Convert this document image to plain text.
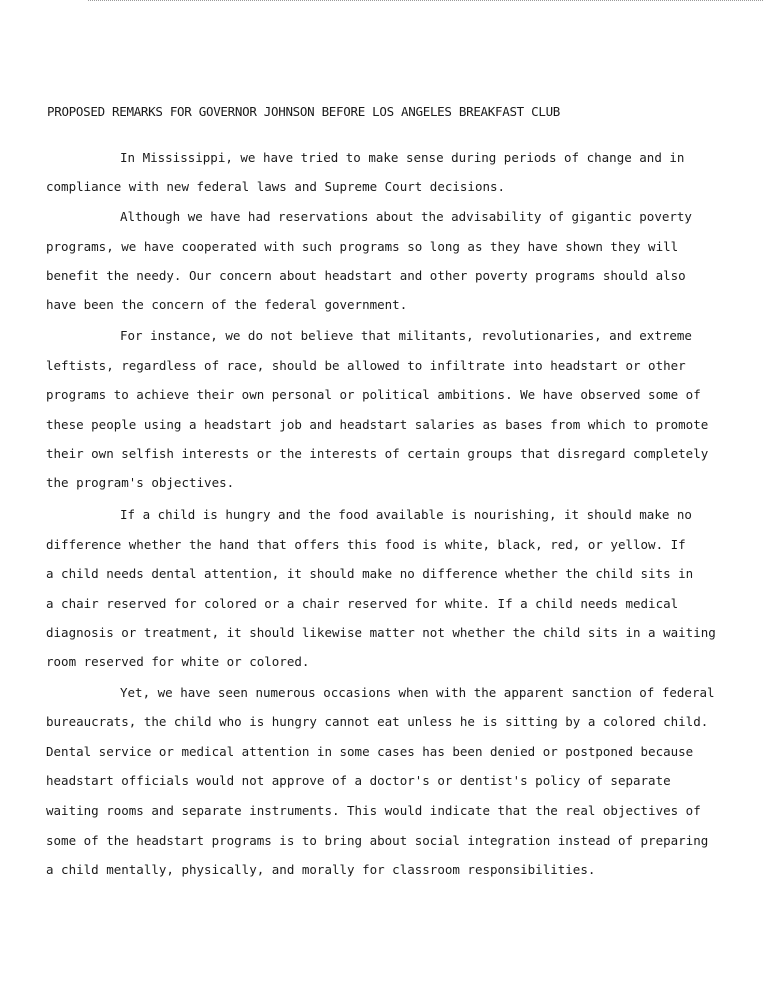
PROPOSED REMARKS FOR GOVERNOR JOHNSON BEFORE LOS ANGELES BREAKFAST CLUB
In Mississippi, we have tried to make sense during periods of change and in
compliance with new federal laws and Supreme Court decisions.
Although we have had reservations about the advisability of gigantic poverty
programs, we have cooperated with such programs so long as they have shown they will
benefit the needy. Our concern about headstart and other poverty programs should also
have been the concern of the federal government.
For instance, we do not believe that militants, revolutionaries, and extreme
leftists, regardless of race, should be allowed to infiltrate into headstart or other
programs to achieve their own personal or political ambitions. We have observed some of
these people using a headstart job and headstart salaries as bases from which to promote
their own selfish interests or the interests of certain groups that disregard completely
the program's objectives.
If a child is hungry and the food available is nourishing, it should make no
difference whether the hand that offers this food is white, black, red, or yellow. If
a child needs dental attention, it should make no difference whether the child sits in
a chair reserved for colored or a chair reserved for white. If a child needs medical
diagnosis or treatment, it should likewise matter not whether the child sits in a waiting
room reserved for white or colored.
Yet, we have seen numerous occasions when with the apparent sanction of federal
bureaucrats, the child who is hungry cannot eat unless he is sitting by a colored child.
Dental service or medical attention in some cases has been denied or postponed because
headstart officials would not approve of a doctor's or dentist's policy of separate
waiting rooms and separate instruments. This would indicate that the real objectives of
some of the headstart programs is to bring about social integration instead of preparing
a child mentally, physically, and morally for classroom responsibilities.
